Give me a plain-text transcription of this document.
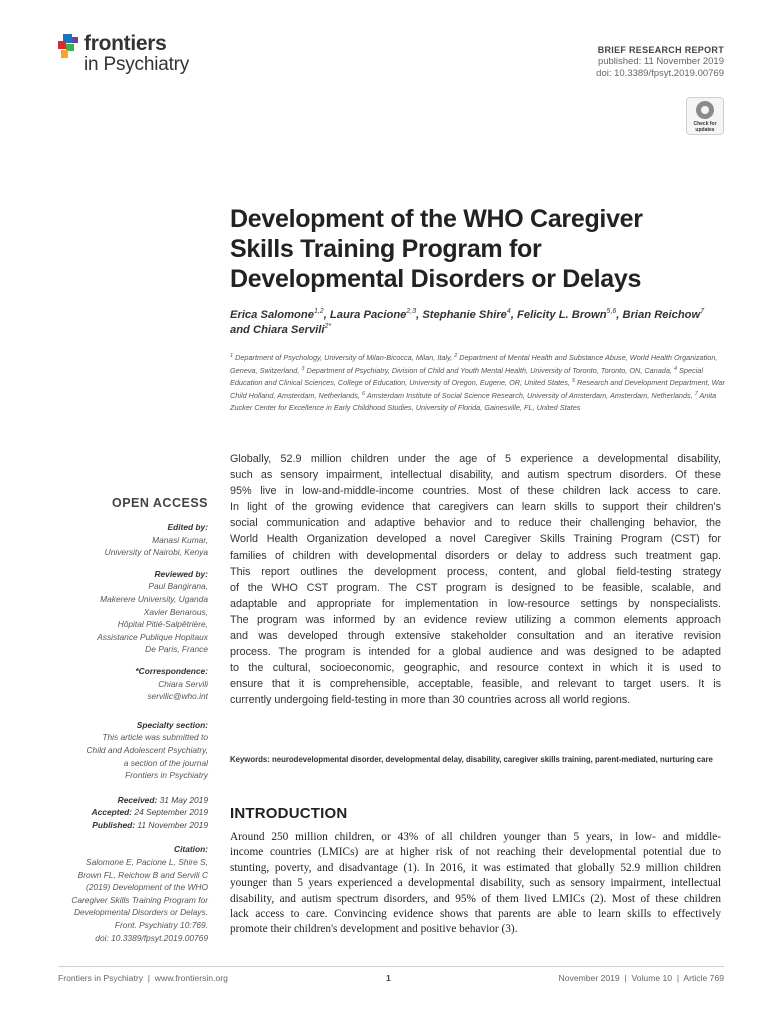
frontiers
in Psychiatry
BRIEF RESEARCH REPORT
published: 11 November 2019
doi: 10.3389/fpsyt.2019.00769
Check for updates
Development of the WHO Caregiver
Skills Training Program for
Developmental Disorders or Delays
Erica Salomone$^{1,2}$, Laura Pacione$^{2,3}$, Stephanie Shire$^4$, Felicity L. Brown$^{5,6}$, Brian Reichow$^7$
and Chiara Servili$^{2*}$
$^1$ Department of Psychology, University of Milan-Bicocca, Milan, Italy, $^2$ Department of Mental Health and Substance Abuse, World Health Organization, Geneva, Switzerland, $^3$ Department of Psychiatry, Division of Child and Youth Mental Health, University of Toronto, Toronto, ON, Canada, $^4$ Special Education and Clinical Sciences, College of Education, University of Oregon, Eugene, OR, United States, $^5$ Research and Development Department, War Child Holland, Amsterdam, Netherlands, $^6$ Amsterdam Institute of Social Science Research, University of Amsterdam, Amsterdam, Netherlands, $^7$ Anita Zucker Center for Excellence in Early Childhood Studies, University of Florida, Gainesville, FL, United States
Globally, 52.9 million children under the age of 5 experience a developmental disability,
such as sensory impairment, intellectual disability, and autism spectrum disorders. Of these
95% live in low-and-middle-income countries. Most of these children lack access to care.
In light of the growing evidence that caregivers can learn skills to support their children's
social communication and adaptive behavior and to reduce their challenging behavior, the
World Health Organization developed a novel Caregiver Skills Training Program (CST) for
families of children with developmental disorders or delay to address such treatment gap.
This report outlines the development process, content, and global field-testing strategy
of the WHO CST program. The CST program is designed to be feasible, scalable, and
adaptable and appropriate for implementation in low-resource settings by nonspecialists.
The program was informed by an evidence review utilizing a common elements approach
and was developed through extensive stakeholder consultation and an iterative revision
process. The program is intended for a global audience and was designed to be adapted
to the cultural, socioeconomic, geographic, and resource context in which it is used to
ensure that it is comprehensible, acceptable, feasible, and relevant to target users. It is
currently undergoing field-testing in more than 30 countries across all world regions.
Keywords: neurodevelopmental disorder, developmental delay, disability, caregiver skills training, parent-mediated, nurturing care
INTRODUCTION
Around 250 million children, or 43% of all children younger than 5 years, in low- and middle-
income countries (LMICs) are at higher risk of not reaching their developmental potential due to
stunting, poverty, and disadvantage (1). In 2016, it was estimated that globally 52.9 million children
younger than 5 years experienced a developmental disability, such as sensory impairment, intellectual
disability, and autism spectrum disorders, and 95% of them lived LMICs (2). Most of these children
lack access to care. Convincing evidence shows that parents are able to learn skills to effectively
promote their children's development and positive behavior (3).
OPEN ACCESS
Edited by:
Manasi Kumar,
University of Nairobi, Kenya
Reviewed by:
Paul Bangirana,
Makerere University, Uganda
Xavier Benarous,
Hôpital Pitié-Salpêtrière,
Assistance Publique Hopitaux
De Paris, France
*Correspondence:
Chiara Servili
servilic@who.int
Specialty section:
This article was submitted to
Child and Adolescent Psychiatry,
a section of the journal
Frontiers in Psychiatry
Received: 31 May 2019
Accepted: 24 September 2019
Published: 11 November 2019
Citation:
Salomone E, Pacione L, Shire S,
Brown FL, Reichow B and Servili C
(2019) Development of the WHO
Caregiver Skills Training Program for
Developmental Disorders or Delays.
Front. Psychiatry 10:769.
doi: 10.3389/fpsyt.2019.00769
Frontiers in Psychiatry  |  www.frontiersin.org	1	November 2019  |  Volume 10  |  Article 769
